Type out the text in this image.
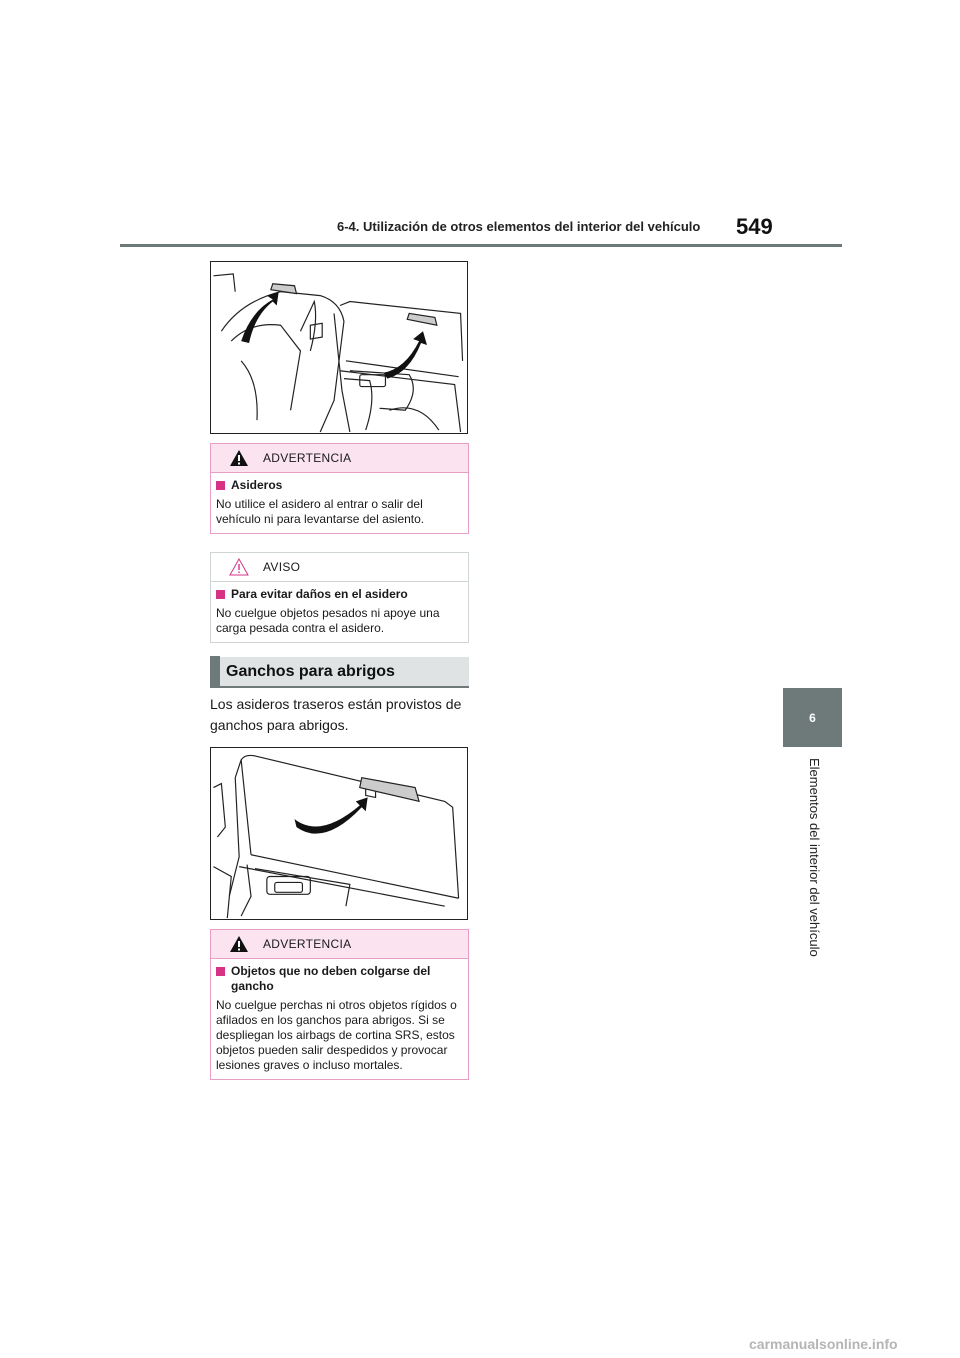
6-4. Utilización de otros elementos del interior del vehículo 549
6
Elementos del interior del vehículo
ADVERTENCIA
Asideros
No utilice el asidero al entrar o salir del vehículo ni para levantarse del asiento.
AVISO
Para evitar daños en el asidero
No cuelgue objetos pesados ni apoye una carga pesada contra el asidero.
Ganchos para abrigos
Los asideros traseros están provistos de ganchos para abrigos.
ADVERTENCIA
Objetos que no deben colgarse del gancho
No cuelgue perchas ni otros objetos rígidos o afilados en los ganchos para abrigos. Si se despliegan los airbags de cortina SRS, estos objetos pueden salir despedidos y provocar lesiones graves o incluso mortales.
carmanualsonline.info
